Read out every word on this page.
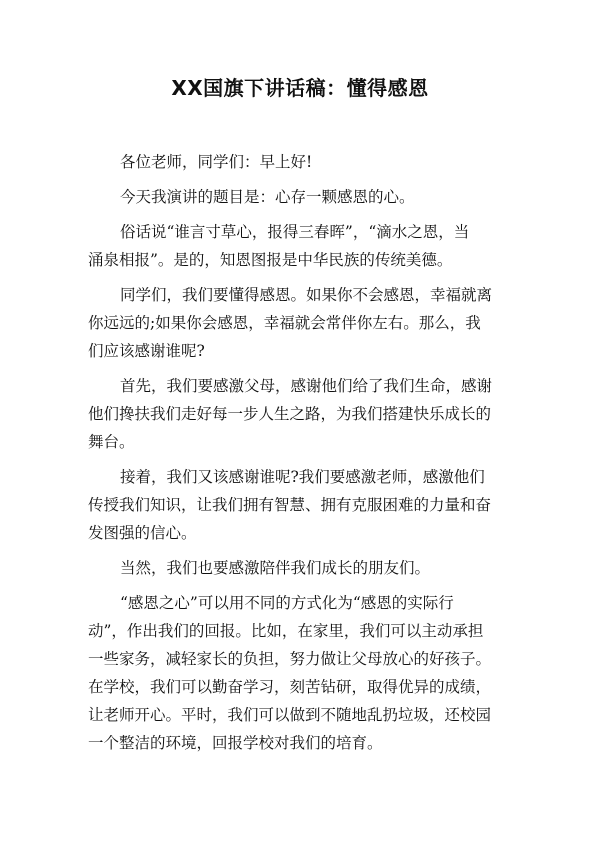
XX国旗下讲话稿：懂得感恩
各位老师，同学们：早上好!
今天我演讲的题目是：心存一颗感恩的心。
俗话说“谁言寸草心，报得三春晖”，“滴水之恩，当
涌泉相报”。是的，知恩图报是中华民族的传统美德。
同学们，我们要懂得感恩。如果你不会感恩，幸福就离
你远远的;如果你会感恩，幸福就会常伴你左右。那么，我
们应该感谢谁呢?
首先，我们要感激父母，感谢他们给了我们生命，感谢
他们搀扶我们走好每一步人生之路，为我们搭建快乐成长的
舞台。
接着，我们又该感谢谁呢?我们要感激老师，感激他们
传授我们知识，让我们拥有智慧、拥有克服困难的力量和奋
发图强的信心。
当然，我们也要感激陪伴我们成长的朋友们。
“感恩之心”可以用不同的方式化为“感恩的实际行
动”，作出我们的回报。比如，在家里，我们可以主动承担
一些家务，减轻家长的负担，努力做让父母放心的好孩子。
在学校，我们可以勤奋学习，刻苦钻研，取得优异的成绩，
让老师开心。平时，我们可以做到不随地乱扔垃圾，还校园
一个整洁的环境，回报学校对我们的培育。
